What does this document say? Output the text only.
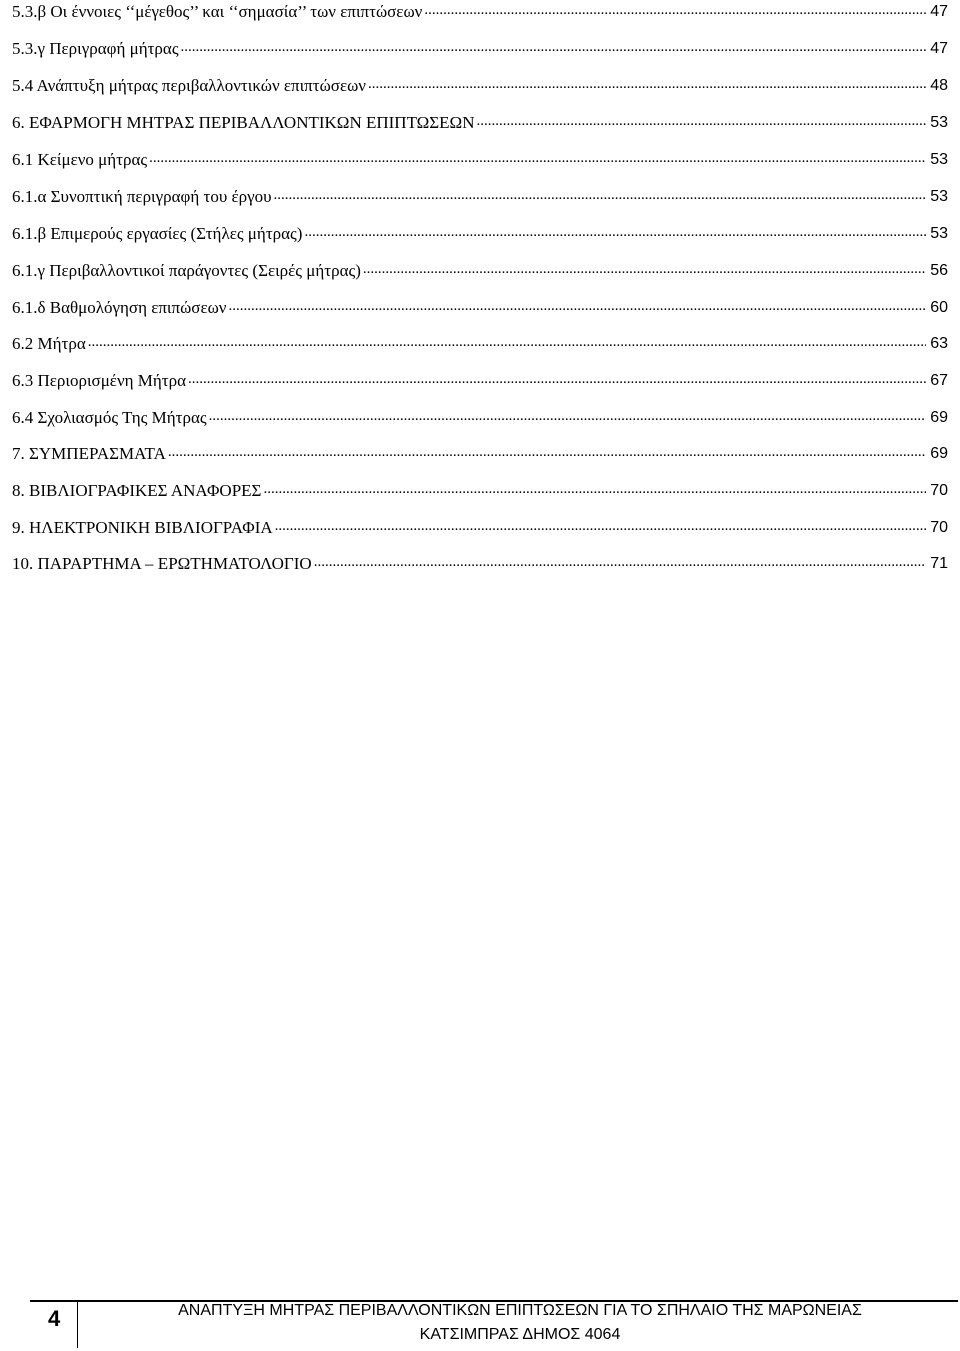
5.3.β Οι έννοιες ‘‘μέγεθος’’ και ‘‘σημασία’’ των επιπτώσεων .....	47
5.3.γ Περιγραφή μήτρας .....	47
5.4 Ανάπτυξη μήτρας περιβαλλοντικών επιπτώσεων .....	48
6. ΕΦΑΡΜΟΓΗ ΜΗΤΡΑΣ ΠΕΡΙΒΑΛΛΟΝΤΙΚΩΝ ΕΠΙΠΤΩΣΕΩΝ .....	53
6.1 Κείμενο μήτρας .....	53
6.1.α Συνοπτική περιγραφή του έργου .....	53
6.1.β Επιμερούς εργασίες (Στήλες μήτρας) .....	53
6.1.γ Περιβαλλοντικοί παράγοντες (Σειρές μήτρας) .....	56
6.1.δ Βαθμολόγηση επιπώσεων .....	60
6.2 Μήτρα .....	63
6.3 Περιορισμένη Μήτρα .....	67
6.4 Σχολιασμός Της Μήτρας .....	69
7. ΣΥΜΠΕΡΑΣΜΑΤΑ .....	69
8. ΒΙΒΛΙΟΓΡΑΦΙΚΕΣ ΑΝΑΦΟΡΕΣ .....	70
9. ΗΛΕΚΤΡΟΝΙΚΗ ΒΙΒΛΙΟΓΡΑΦΙΑ .....	70
10. ΠΑΡΑΡΤΗΜΑ – ΕΡΩΤΗΜΑΤΟΛΟΓΙΟ .....	71
4	ΑΝΑΠΤΥΞΗ ΜΗΤΡΑΣ ΠΕΡΙΒΑΛΛΟΝΤΙΚΩΝ ΕΠΙΠΤΩΣΕΩΝ ΓΙΑ ΤΟ ΣΠΗΛΑΙΟ ΤΗΣ ΜΑΡΩΝΕΙΑΣ
ΚΑΤΣΙΜΠΡΑΣ ΔΗΜΟΣ 4064
